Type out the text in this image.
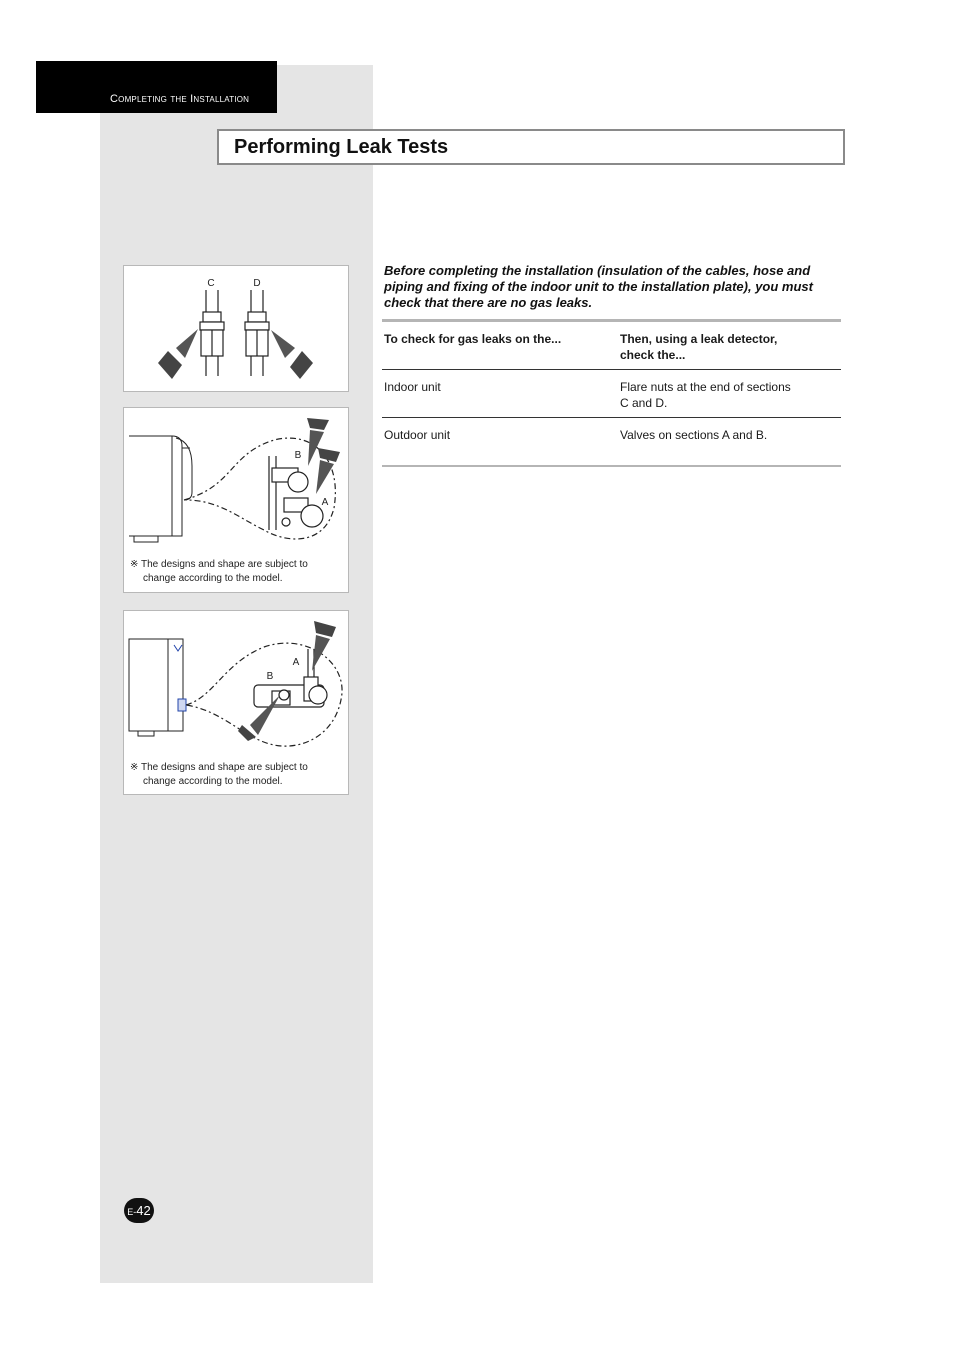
Completing the Installation
Performing Leak Tests
C	D
B
A
※ The designs and shape are subject to
change according to the model.
A
B
※ The designs and shape are subject to
change according to the model.
Before completing the installation (insulation of the cables, hose and piping and fixing of the indoor unit to the installation plate), you must check that there are no gas leaks.
To check for gas leaks on the...	Then, using a leak detector,
check the...
Indoor unit	Flare nuts at the end of sections
C and D.
Outdoor unit	Valves on sections A and B.
E-42
